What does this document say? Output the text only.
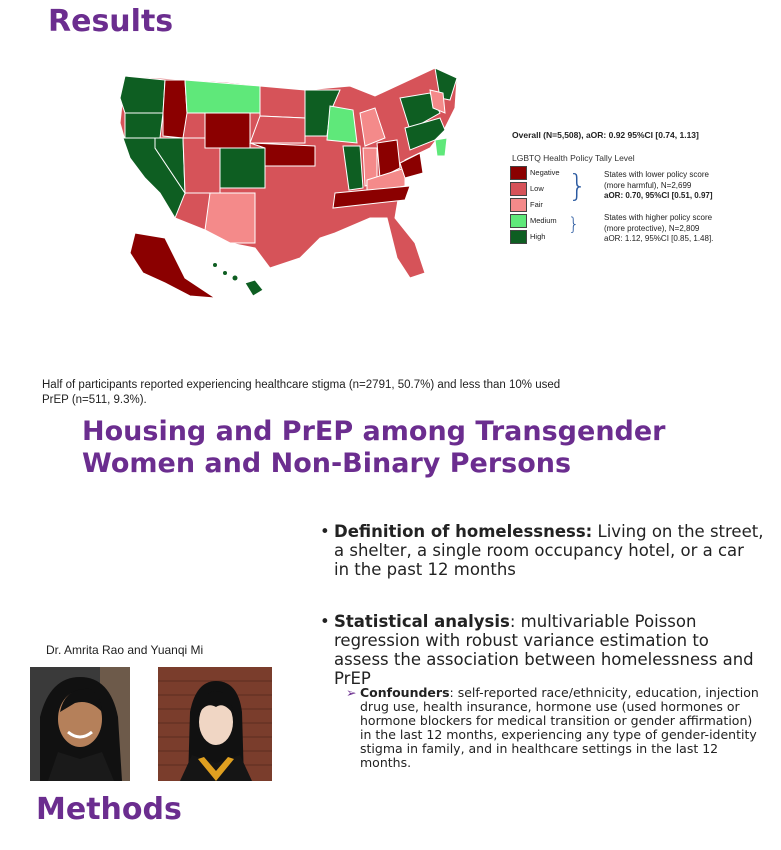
Results
Overall (N=5,508), aOR: 0.92 95%CI [0.74, 1.13]
LGBTQ Health Policy Tally Level
Negative
Low
Fair
Medium
High
}
}
States with lower policy score
(more harmful), N=2,699
aOR: 0.70, 95%CI [0.51, 0.97]
States with higher policy score
(more protective), N=2,809
aOR: 1.12, 95%CI [0.85, 1.48].
Half of participants reported experiencing healthcare stigma (n=2791, 50.7%) and less than 10% used PrEP (n=511, 9.3%).
Housing and PrEP among Transgender
Women and Non-Binary Persons
• Definition of homelessness: Living on the street, a shelter, a single room occupancy hotel, or a car in the past 12 months
• Statistical analysis: multivariable Poisson regression with robust variance estimation to assess the association between homelessness and PrEP
➢ Confounders: self-reported race/ethnicity, education, injection drug use, health insurance, hormone use (used hormones or hormone blockers for medical transition or gender affirmation) in the last 12 months, experiencing any type of gender-identity stigma in family, and in healthcare settings in the last 12 months.
Dr. Amrita Rao and Yuanqi Mi
Methods
